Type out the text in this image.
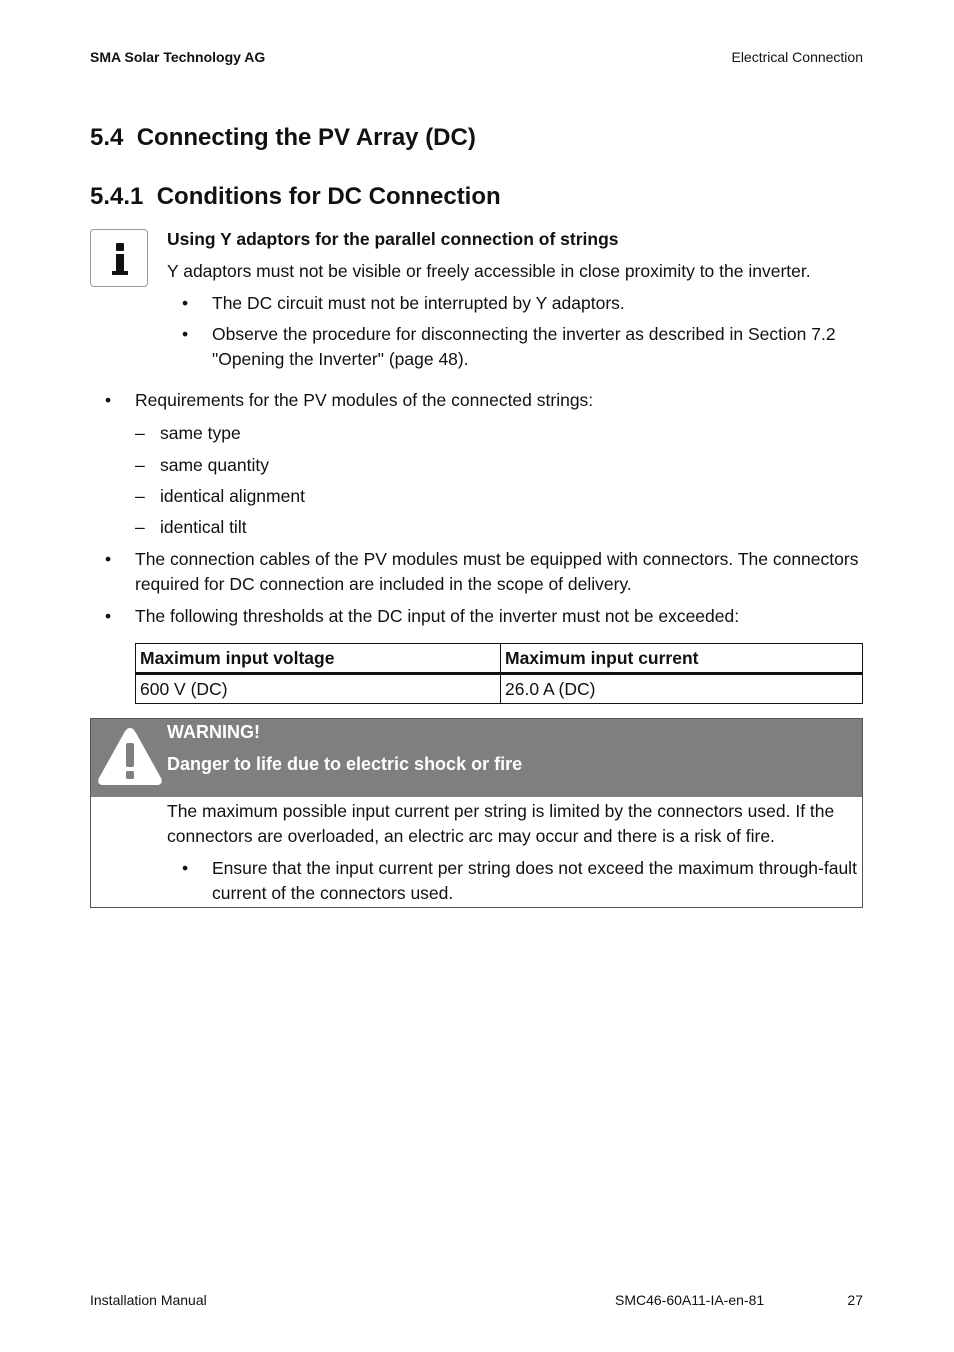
SMA Solar Technology AG	Electrical Connection
5.4  Connecting the PV Array (DC)
5.4.1  Conditions for DC Connection
Using Y adaptors for the parallel connection of strings
Y adaptors must not be visible or freely accessible in close proximity to the inverter.
• The DC circuit must not be interrupted by Y adaptors.
• Observe the procedure for disconnecting the inverter as described in Section 7.2
"Opening the Inverter" (page 48).
• Requirements for the PV modules of the connected strings:
– same type
– same quantity
– identical alignment
– identical tilt
• The connection cables of the PV modules must be equipped with connectors. The connectors
required for DC connection are included in the scope of delivery.
• The following thresholds at the DC input of the inverter must not be exceeded:
Maximum input voltage	Maximum input current
600 V (DC)	26.0 A (DC)
WARNING!
Danger to life due to electric shock or fire
The maximum possible input current per string is limited by the connectors used. If the
connectors are overloaded, an electric arc may occur and there is a risk of fire.
• Ensure that the input current per string does not exceed the maximum through-fault
current of the connectors used.
Installation Manual	SMC46-60A11-IA-en-81	27
